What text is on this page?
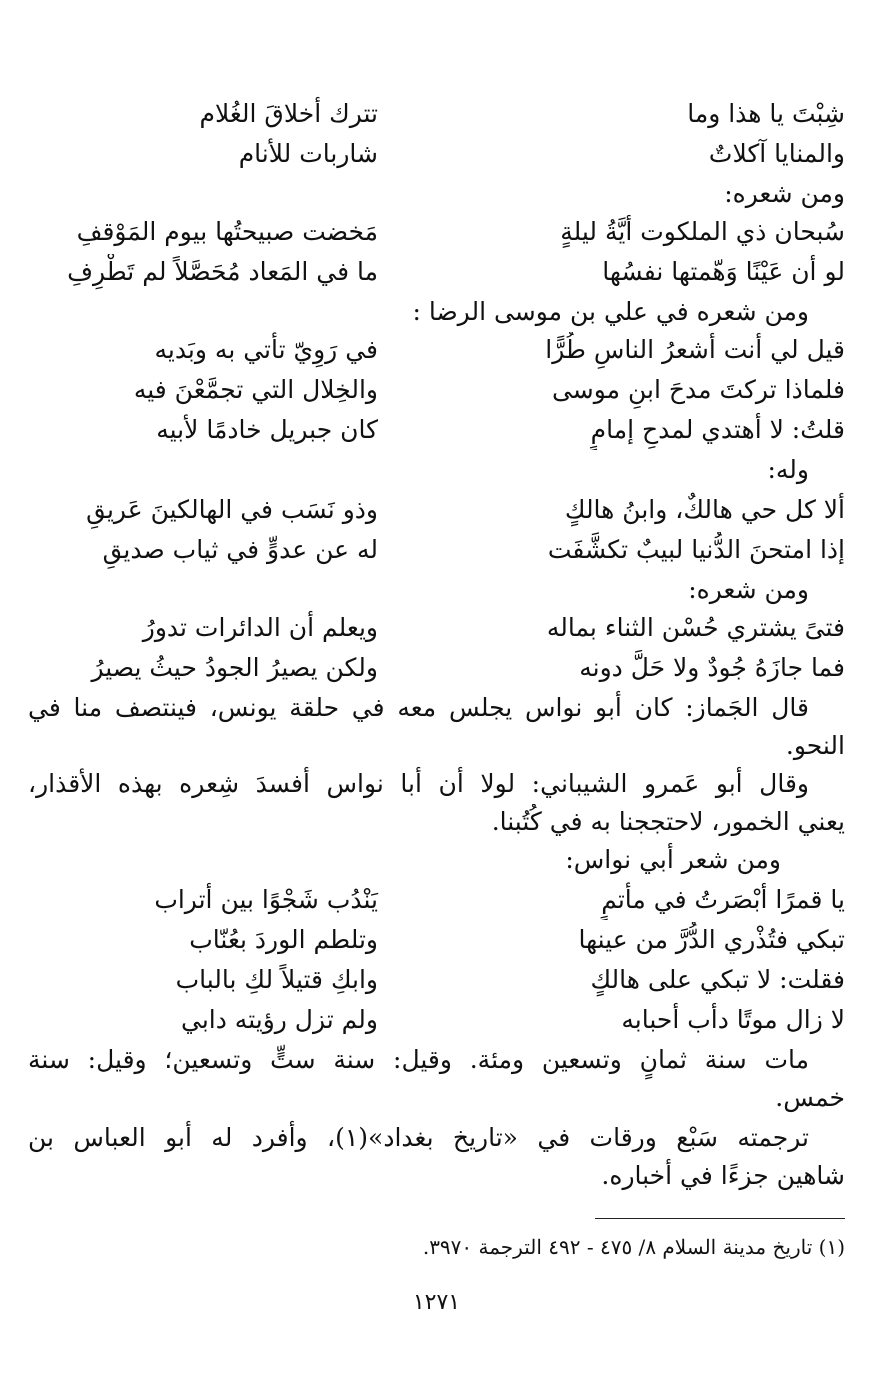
شِبْتَ يا هذا وما
تترك أخلاقَ الغُلام
والمنايا آكلاتٌ
شاربات للأنام
ومن شعره:
سُبحان ذي الملكوت أيَّةُ ليلةٍ
مَخضت صبيحتُها بيوم المَوْقفِ
لو أن عَيْنًا وَهّمتها نفسُها
ما في المَعاد مُحَصَّلاً لم تَطْرِفِ
ومن شعره في علي بن موسى الرضا :
قيل لي أنت أشعرُ الناسِ طُرًّا
في رَوِيّ تأتي به وبَديه
فلماذا تركتَ مدحَ ابنِ موسى
والخِلال التي تجمَّعْنَ فيه
قلتُ: لا أهتدي لمدحِ إمامٍ
كان جبريل خادمًا لأبيه
وله:
ألا كل حي هالكٌ، وابنُ هالكٍ
وذو نَسَب في الهالكينَ عَريقِ
إذا امتحنَ الدُّنيا لبيبٌ تكشَّفَت
له عن عدوٍّ في ثياب صديقِ
ومن شعره:
فتىً يشتري حُسْن الثناء بماله
ويعلم أن الدائرات تدورُ
فما جازَهُ جُودٌ ولا حَلَّ دونه
ولكن يصيرُ الجودُ حيثُ يصيرُ
قال الجَماز: كان أبو نواس يجلس معه في حلقة يونس، فينتصف منا في
النحو.
وقال أبو عَمرو الشيباني: لولا أن أبا نواس أفسدَ شِعره بهذه الأقذار،
يعني الخمور، لاحتججنا به في كُتُبنا.
ومن شعر أبي نواس:
يا قمرًا أبْصَرتُ في مأتمٍ
يَنْدُب شَجْوًا بين أتراب
تبكي فتُذْري الدُّرَّ من عينها
وتلطم الوردَ بعُنّاب
فقلت: لا تبكي على هالكٍ
وابكِ قتيلاً لكِ بالباب
لا زال موتًا دأب أحبابه
ولم تزل رؤيته دابي
مات سنة ثمانٍ وتسعين ومئة. وقيل: سنة ستٍّ وتسعين؛ وقيل: سنة
خمس.
ترجمته سَبْع ورقات في «تاريخ بغداد»(١)، وأفرد له أبو العباس بن
شاهين جزءًا في أخباره.
(١) تاريخ مدينة السلام ٨/ ٤٧٥ - ٤٩٢ الترجمة ٣٩٧٠.
١٢٧١
